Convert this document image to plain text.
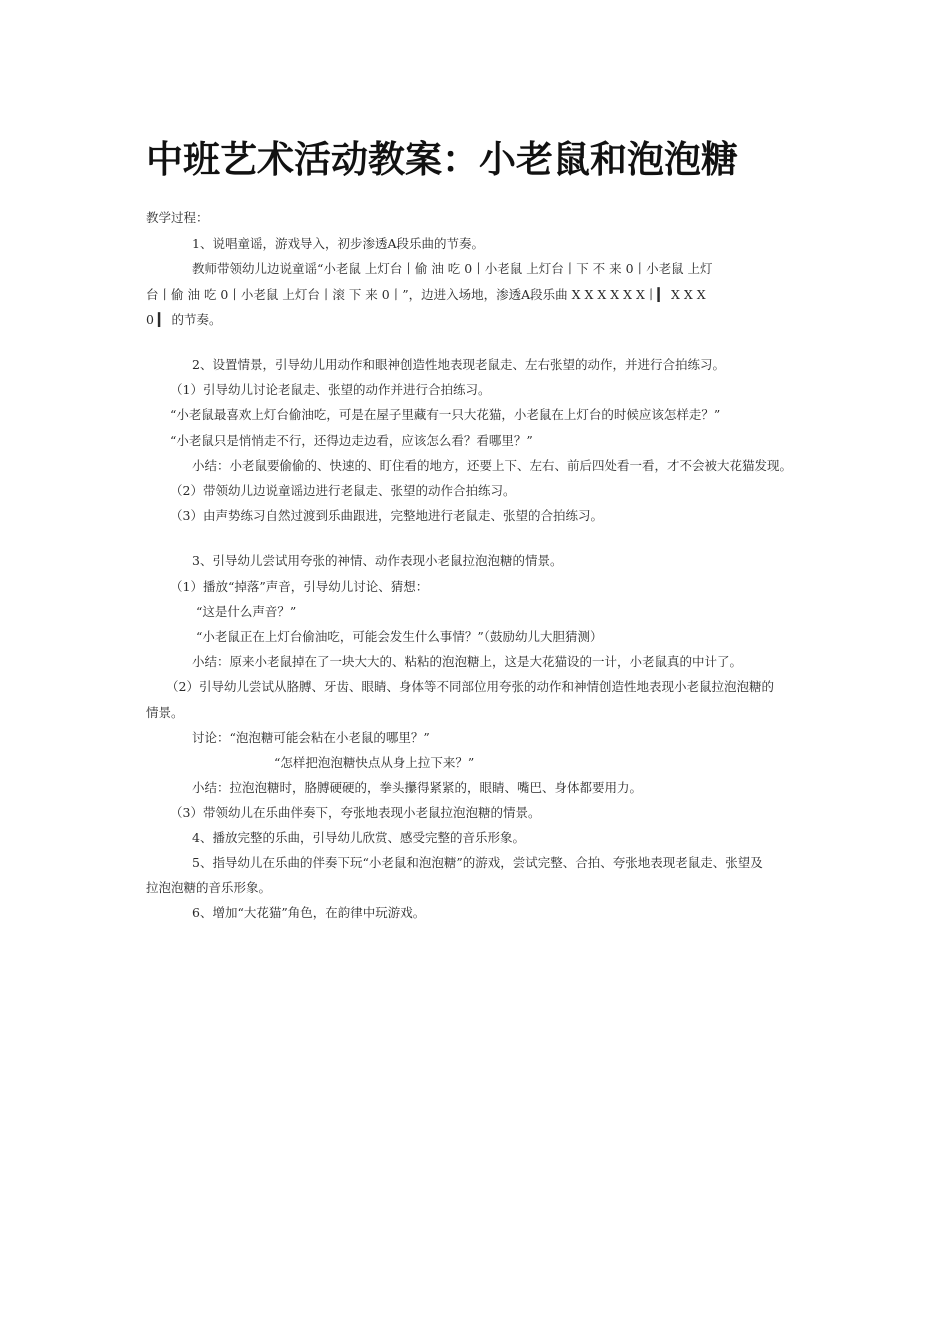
中班艺术活动教案：小老鼠和泡泡糖
教学过程：
1、说唱童谣，游戏导入，初步渗透A段乐曲的节奏。
教师带领幼儿边说童谣“小老鼠 上灯台丨偷 油 吃 0丨小老鼠 上灯台丨下 不 来 0丨小老鼠 上灯
台丨偷 油 吃 0丨小老鼠 上灯台丨滚 下 来 0丨”，边进入场地，渗透A段乐曲 X X X X X X丨▎ X X X
0 ▎ 的节奏。
2、设置情景，引导幼儿用动作和眼神创造性地表现老鼠走、左右张望的动作，并进行合拍练习。
（1）引导幼儿讨论老鼠走、张望的动作并进行合拍练习。
“小老鼠最喜欢上灯台偷油吃，可是在屋子里藏有一只大花猫，小老鼠在上灯台的时候应该怎样走？”
“小老鼠只是悄悄走不行，还得边走边看，应该怎么看？看哪里？”
小结：小老鼠要偷偷的、快速的、盯住看的地方，还要上下、左右、前后四处看一看，才不会被大花猫发现。
（2）带领幼儿边说童谣边进行老鼠走、张望的动作合拍练习。
（3）由声势练习自然过渡到乐曲跟进，完整地进行老鼠走、张望的合拍练习。
3、引导幼儿尝试用夸张的神情、动作表现小老鼠拉泡泡糖的情景。
（1）播放“掉落”声音，引导幼儿讨论、猜想：
“这是什么声音？”
“小老鼠正在上灯台偷油吃，可能会发生什么事情？”（鼓励幼儿大胆猜测）
小结：原来小老鼠掉在了一块大大的、粘粘的泡泡糖上，这是大花猫设的一计，小老鼠真的中计了。
（2）引导幼儿尝试从胳膊、牙齿、眼睛、身体等不同部位用夸张的动作和神情创造性地表现小老鼠拉泡泡糖的
情景。
讨论：“泡泡糖可能会粘在小老鼠的哪里？”
“怎样把泡泡糖快点从身上拉下来？”
小结：拉泡泡糖时，胳膊硬硬的，拳头攥得紧紧的，眼睛、嘴巴、身体都要用力。
（3）带领幼儿在乐曲伴奏下，夸张地表现小老鼠拉泡泡糖的情景。
4、播放完整的乐曲，引导幼儿欣赏、感受完整的音乐形象。
5、指导幼儿在乐曲的伴奏下玩“小老鼠和泡泡糖”的游戏，尝试完整、合拍、夸张地表现老鼠走、张望及
拉泡泡糖的音乐形象。
6、增加“大花猫”角色，在韵律中玩游戏。
